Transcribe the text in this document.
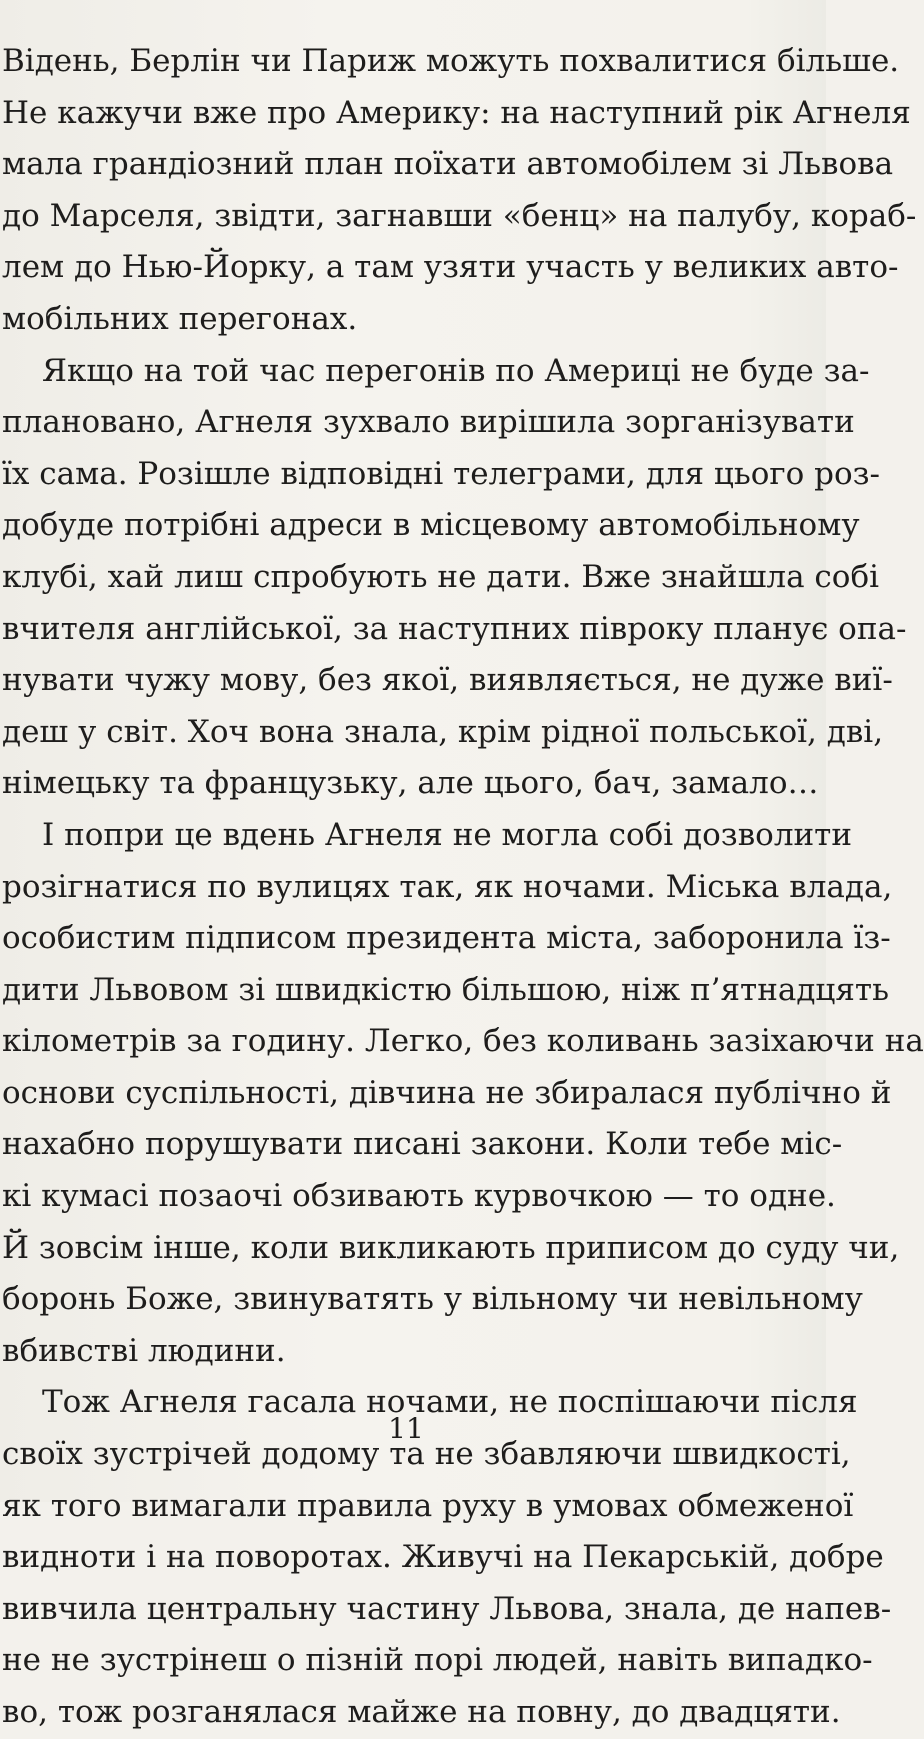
Відень, Берлін чи Париж можуть похвалитися більше.
Не кажучи вже про Америку: на наступний рік Агнеля
мала грандіозний план поїхати автомобілем зі Львова
до Марселя, звідти, загнавши «бенц» на палубу, кораб-
лем до Нью-Йорку, а там узяти участь у великих авто-
мобільних перегонах.
Якщо на той час перегонів по Америці не буде за-
плановано, Агнеля зухвало вирішила зорганізувати
їх сама. Розішле відповідні телеграми, для цього роз-
добуде потрібні адреси в місцевому автомобільному
клубі, хай лиш спробують не дати. Вже знайшла собі
вчителя англійської, за наступних півроку планує опа-
нувати чужу мову, без якої, виявляється, не дуже виї-
деш у світ. Хоч вона знала, крім рідної польської, дві,
німецьку та французьку, але цього, бач, замало…
І попри це вдень Агнеля не могла собі дозволити
розігнатися по вулицях так, як ночами. Міська влада,
особистим підписом президента міста, заборонила їз-
дити Львовом зі швидкістю більшою, ніж п’ятнадцять
кілометрів за годину. Легко, без коливань зазіхаючи на
основи суспільності, дівчина не збиралася публічно й
нахабно порушувати писані закони. Коли тебе міс-
кі кумасі позаочі обзивають курвочкою — то одне.
Й зовсім інше, коли викликають приписом до суду чи,
боронь Боже, звинуватять у вільному чи невільному
вбивстві людини.
Тож Агнеля гасала ночами, не поспішаючи після
своїх зустрічей додому та не збавляючи швидкості,
як того вимагали правила руху в умовах обмеженої
видноти і на поворотах. Живучі на Пекарській, добре
вивчила центральну частину Львова, знала, де напев-
не не зустрінеш о пізній порі людей, навіть випадко-
во, тож розганялася майже на повну, до двадцяти.
11
